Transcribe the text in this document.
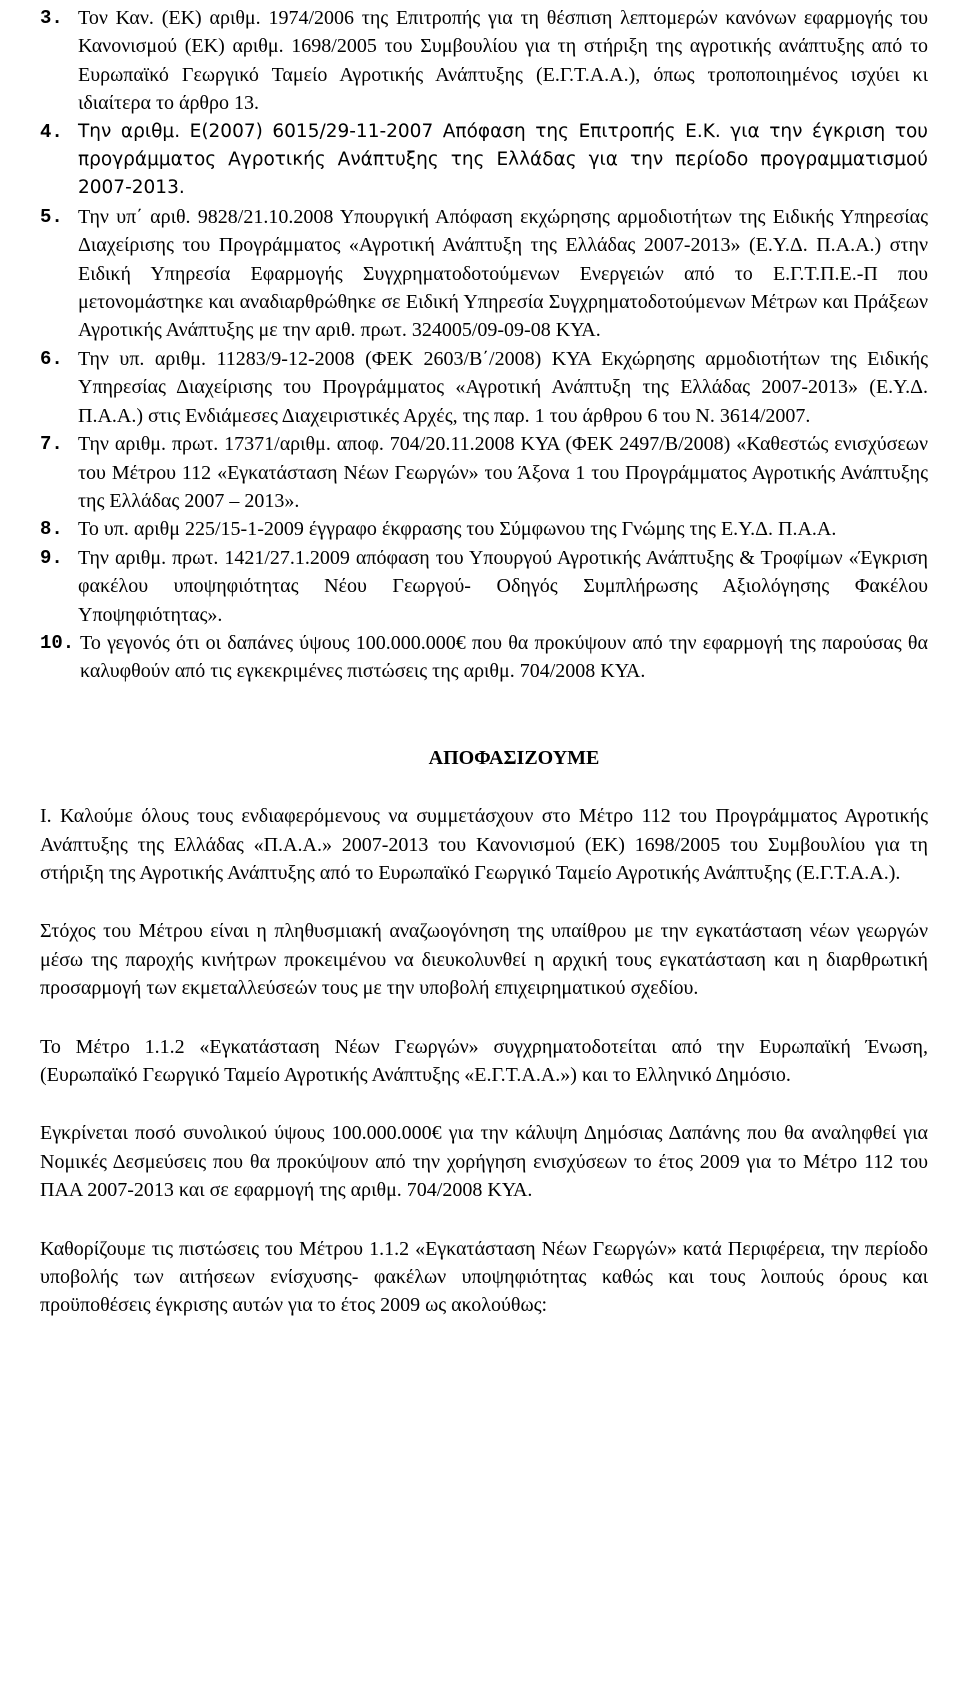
3. Τον Καν. (ΕΚ) αριθμ. 1974/2006 της Επιτροπής για τη θέσπιση λεπτομερών κανόνων εφαρμογής του Κανονισμού (ΕΚ) αριθμ. 1698/2005 του Συμβουλίου για τη στήριξη της αγροτικής ανάπτυξης από το Ευρωπαϊκό Γεωργικό Ταμείο Αγροτικής Ανάπτυξης (Ε.Γ.Τ.Α.Α.), όπως τροποποιημένος ισχύει κι ιδιαίτερα το άρθρο 13.
4. Την αριθμ. Ε(2007) 6015/29-11-2007 Απόφαση της Επιτροπής Ε.Κ. για την έγκριση του προγράμματος Αγροτικής Ανάπτυξης της Ελλάδας για την περίοδο προγραμματισμού 2007-2013.
5. Την υπ΄ αριθ. 9828/21.10.2008 Υπουργική Απόφαση εκχώρησης αρμοδιοτήτων της Ειδικής Υπηρεσίας Διαχείρισης του Προγράμματος «Αγροτική Ανάπτυξη της Ελλάδας 2007-2013» (Ε.Υ.Δ. Π.Α.Α.) στην Ειδική Υπηρεσία Εφαρμογής Συγχρηματοδοτούμενων Ενεργειών από το Ε.Γ.Τ.Π.Ε.-Π που μετονομάστηκε και αναδιαρθρώθηκε σε Ειδική Υπηρεσία Συγχρηματοδοτούμενων Μέτρων και Πράξεων Αγροτικής Ανάπτυξης με την αριθ. πρωτ. 324005/09-09-08 ΚΥΑ.
6. Την υπ. αριθμ. 11283/9-12-2008 (ΦΕΚ 2603/Β΄/2008) ΚΥΑ Εκχώρησης αρμοδιοτήτων της Ειδικής Υπηρεσίας Διαχείρισης του Προγράμματος «Αγροτική Ανάπτυξη της Ελλάδας 2007-2013» (Ε.Υ.Δ. Π.Α.Α.) στις Ενδιάμεσες Διαχειριστικές Αρχές, της παρ. 1 του άρθρου 6 του Ν. 3614/2007.
7. Την αριθμ. πρωτ. 17371/αριθμ. αποφ. 704/20.11.2008 ΚΥΑ (ΦΕΚ 2497/Β/2008) «Καθεστώς ενισχύσεων του Μέτρου 112 «Εγκατάσταση Νέων Γεωργών» του Άξονα 1 του Προγράμματος Αγροτικής Ανάπτυξης της Ελλάδας 2007 – 2013».
8. Το υπ. αριθμ 225/15-1-2009 έγγραφο έκφρασης του Σύμφωνου της Γνώμης της Ε.Υ.Δ. Π.Α.Α.
9. Την αριθμ. πρωτ. 1421/27.1.2009 απόφαση του Υπουργού Αγροτικής Ανάπτυξης & Τροφίμων «Έγκριση φακέλου υποψηφιότητας Νέου Γεωργού- Οδηγός Συμπλήρωσης Αξιολόγησης Φακέλου Υποψηφιότητας».
10. Το γεγονός ότι οι δαπάνες ύψους 100.000.000€ που θα προκύψουν από την εφαρμογή της παρούσας θα καλυφθούν από τις εγκεκριμένες πιστώσεις της αριθμ. 704/2008 ΚΥΑ.
ΑΠΟΦΑΣΙΖΟΥΜΕ

Ι. Καλούμε όλους τους ενδιαφερόμενους να συμμετάσχουν στο Μέτρο 112 του Προγράμματος Αγροτικής Ανάπτυξης της Ελλάδας «Π.Α.Α.» 2007-2013 του Κανονισμού (ΕΚ) 1698/2005 του Συμβουλίου για τη στήριξη της Αγροτικής Ανάπτυξης από το Ευρωπαϊκό Γεωργικό Ταμείο Αγροτικής Ανάπτυξης (Ε.Γ.Τ.Α.Α.).

Στόχος του Μέτρου είναι η πληθυσμιακή αναζωογόνηση της υπαίθρου με την εγκατάσταση νέων γεωργών μέσω της παροχής κινήτρων προκειμένου να διευκολυνθεί η αρχική τους εγκατάσταση και η διαρθρωτική προσαρμογή των εκμεταλλεύσεών τους με την υποβολή επιχειρηματικού σχεδίου.

Το Μέτρο 1.1.2 «Εγκατάσταση Νέων Γεωργών» συγχρηματοδοτείται από την Ευρωπαϊκή Ένωση, (Ευρωπαϊκό Γεωργικό Ταμείο Αγροτικής Ανάπτυξης «Ε.Γ.Τ.Α.Α.») και το Ελληνικό Δημόσιο.

Εγκρίνεται ποσό συνολικού ύψους 100.000.000€ για την κάλυψη Δημόσιας Δαπάνης που θα αναληφθεί για Νομικές Δεσμεύσεις που θα προκύψουν από την χορήγηση ενισχύσεων το έτος 2009 για το Μέτρο 112 του ΠΑΑ 2007-2013 και σε εφαρμογή της αριθμ. 704/2008 ΚΥΑ.

Καθορίζουμε τις πιστώσεις του Μέτρου 1.1.2 «Εγκατάσταση Νέων Γεωργών» κατά Περιφέρεια, την περίοδο υποβολής των αιτήσεων ενίσχυσης- φακέλων υποψηφιότητας καθώς και τους λοιπούς όρους και προϋποθέσεις έγκρισης αυτών για το έτος 2009 ως ακολούθως:
